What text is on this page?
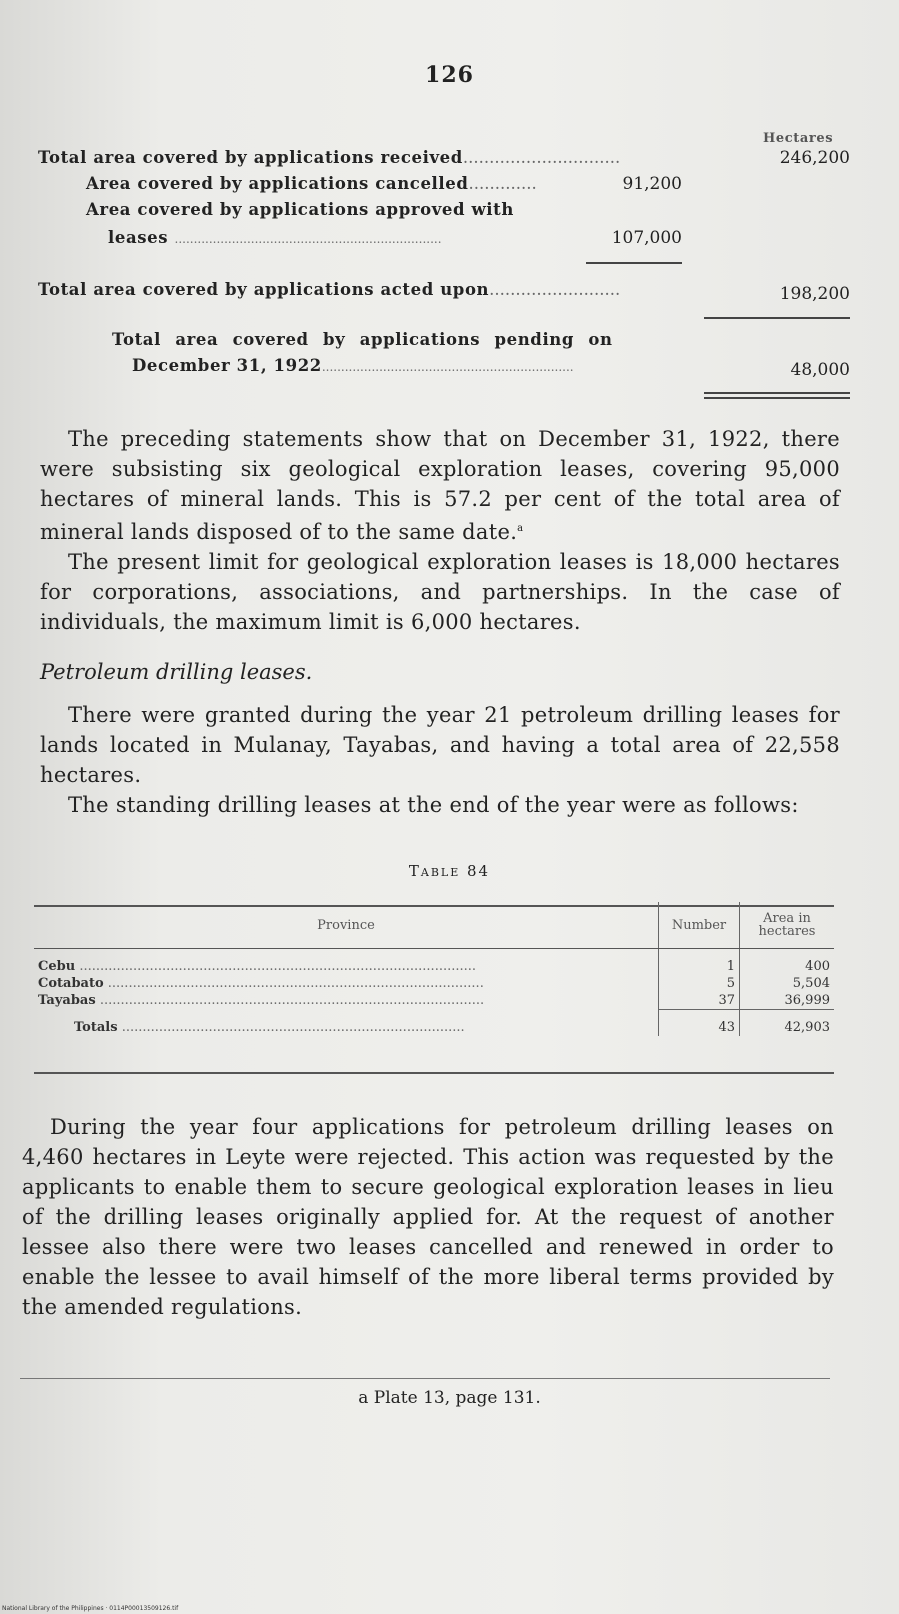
126
Hectares
Total area covered by applications received..............................	246,200
Area covered by applications cancelled.............	91,200
Area covered by applications approved with
leases ......................................................................	107,000
Total area covered by applications acted upon.........................	198,200
Total area covered by applications pending on
December 31, 1922..................................................................	48,000

The preceding statements show that on December 31, 1922, there were subsisting six geological exploration leases, covering 95,000 hectares of mineral lands. This is 57.2 per cent of the total area of mineral lands disposed of to the same date.$^a$

The present limit for geological exploration leases is 18,000 hectares for corporations, associations, and partnerships. In the case of individuals, the maximum limit is 6,000 hectares.

Petroleum drilling leases.

There were granted during the year 21 petroleum drilling leases for lands located in Mulanay, Tayabas, and having a total area of 22,558 hectares.

The standing drilling leases at the end of the year were as follows:

Table 84
Province	Number	Area in
hectares
Cebu ................................................................................................	1	400
Cotabato ...........................................................................................	5	5,504
Tayabas .............................................................................................	37	36,999
Totals ...................................................................................	43	42,903

During the year four applications for petroleum drilling leases on 4,460 hectares in Leyte were rejected. This action was requested by the applicants to enable them to secure geological exploration leases in lieu of the drilling leases originally applied for. At the request of another lessee also there were two leases cancelled and renewed in order to enable the lessee to avail himself of the more liberal terms provided by the amended regulations.

a Plate 13, page 131.
National Library of the Philippines · 0114P00013509126.tif
